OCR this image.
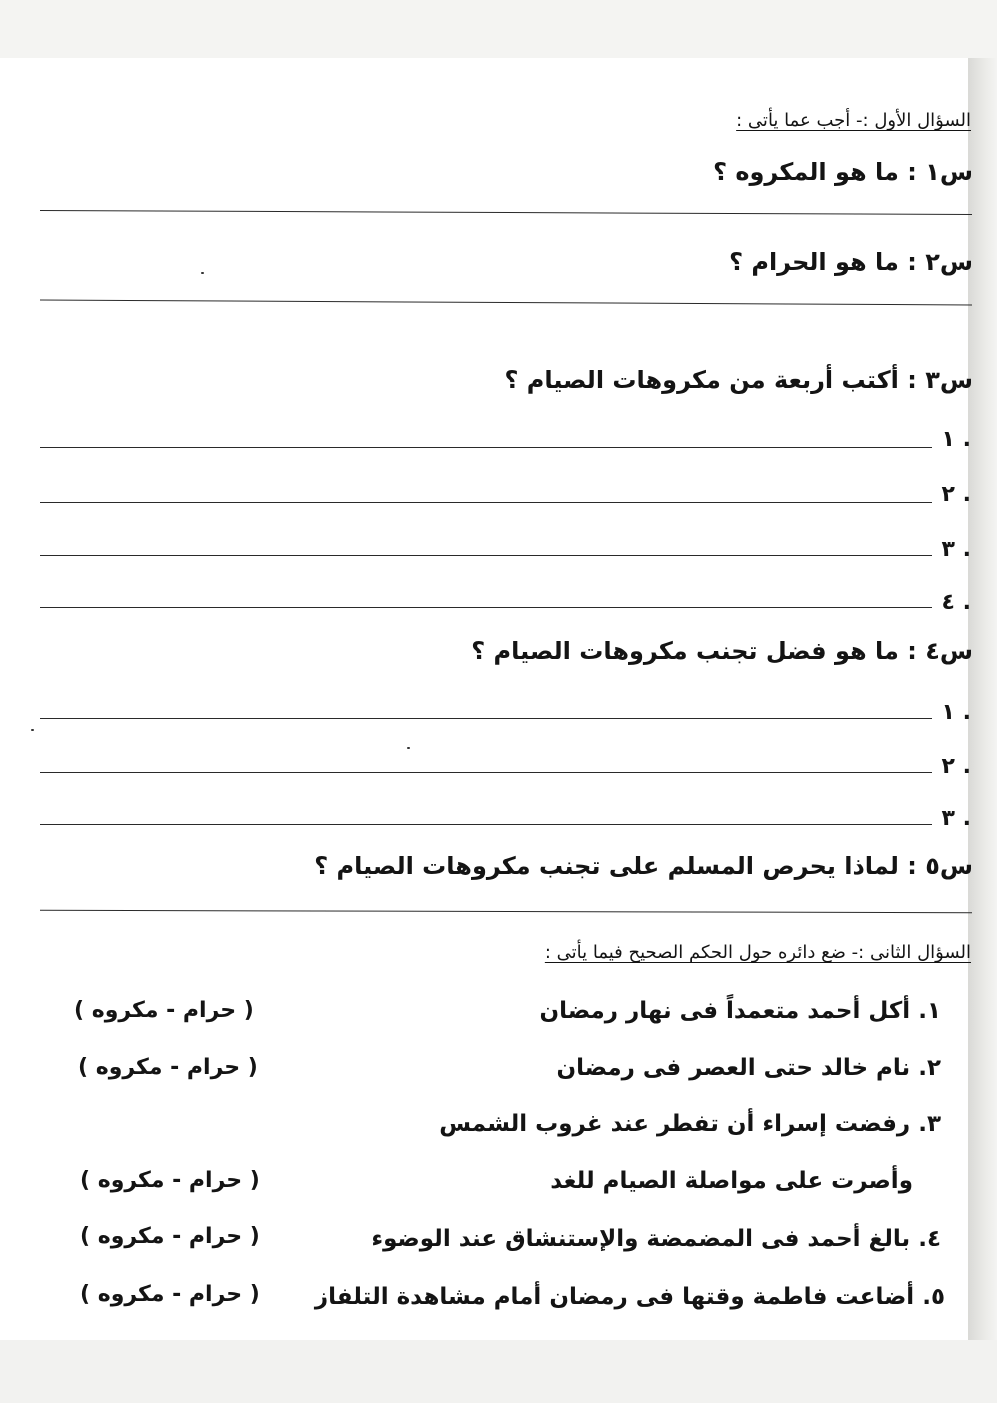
السؤال الأول :- أجب عما يأتى :
س١ : ما هو المكروه ؟
س٢ : ما هو الحرام ؟
س٣ : أكتب أربعة من مكروهات الصيام ؟
١ .
٢ .
٣ .
٤ .
س٤ : ما هو فضل تجنب مكروهات الصيام ؟
١ .
٢ .
٣ .
س٥ : لماذا يحرص المسلم على تجنب مكروهات الصيام ؟
السؤال الثانى :- ضع دائره حول الحكم الصحيح فيما يأتى :
١. أكل أحمد متعمداً فى نهار رمضان
( حرام - مكروه )
٢. نام خالد حتى العصر فى رمضان
( حرام - مكروه )
٣. رفضت إسراء أن تفطر عند غروب الشمس
وأصرت على مواصلة الصيام للغد
( حرام - مكروه )
٤. بالغ أحمد فى المضمضة والإستنشاق عند الوضوء
( حرام - مكروه )
٥. أضاعت فاطمة وقتها فى رمضان أمام مشاهدة التلفاز
( حرام - مكروه )
